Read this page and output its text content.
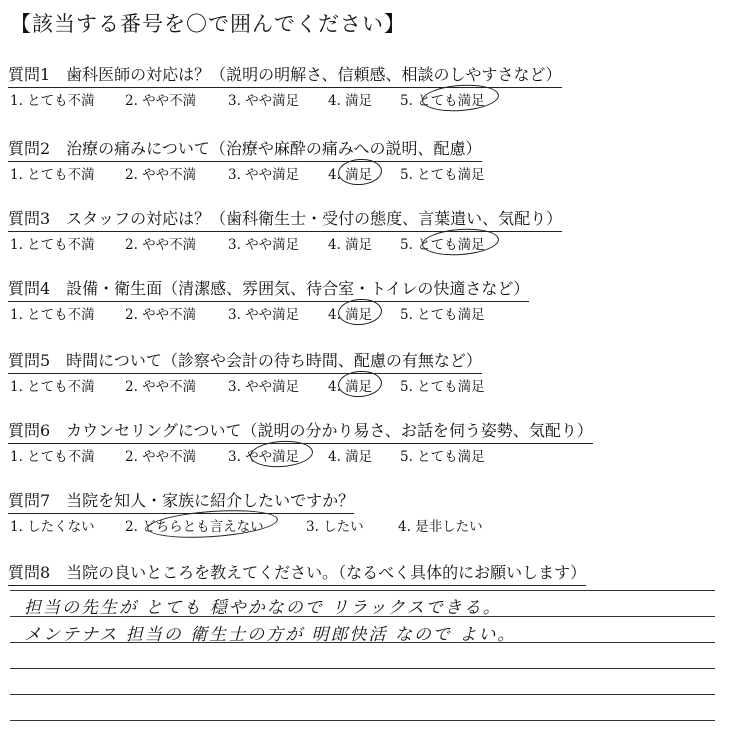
【該当する番号を〇で囲んでください】
質問1　歯科医師の対応は？（説明の明解さ、信頼感、相談のしやすさなど）
1. とても不満 2. やや不満 3. やや満足 4. 満足 5. とても満足
質問2　治療の痛みについて（治療や麻酔の痛みへの説明、配慮）
1. とても不満 2. やや不満 3. やや満足 4. 満足 5. とても満足
質問3　スタッフの対応は？（歯科衛生士・受付の態度、言葉遣い、気配り）
1. とても不満 2. やや不満 3. やや満足 4. 満足 5. とても満足
質問4　設備・衛生面（清潔感、雰囲気、待合室・トイレの快適さなど）
1. とても不満 2. やや不満 3. やや満足 4. 満足 5. とても満足
質問5　時間について（診察や会計の待ち時間、配慮の有無など）
1. とても不満 2. やや不満 3. やや満足 4. 満足 5. とても満足
質問6　カウンセリングについて（説明の分かり易さ、お話を伺う姿勢、気配り）
1. とても不満 2. やや不満 3. やや満足 4. 満足 5. とても満足
質問7　当院を知人・家族に紹介したいですか？
1. したくない 2. どちらとも言えない	3. したい	4. 是非したい
質問8　当院の良いところを教えてください。（なるべく具体的にお願いします）
担当の先生が とても 穏やかなので リラックスできる。
メンテナス 担当の 衛生士の方が 明郎快活 なので よい。
